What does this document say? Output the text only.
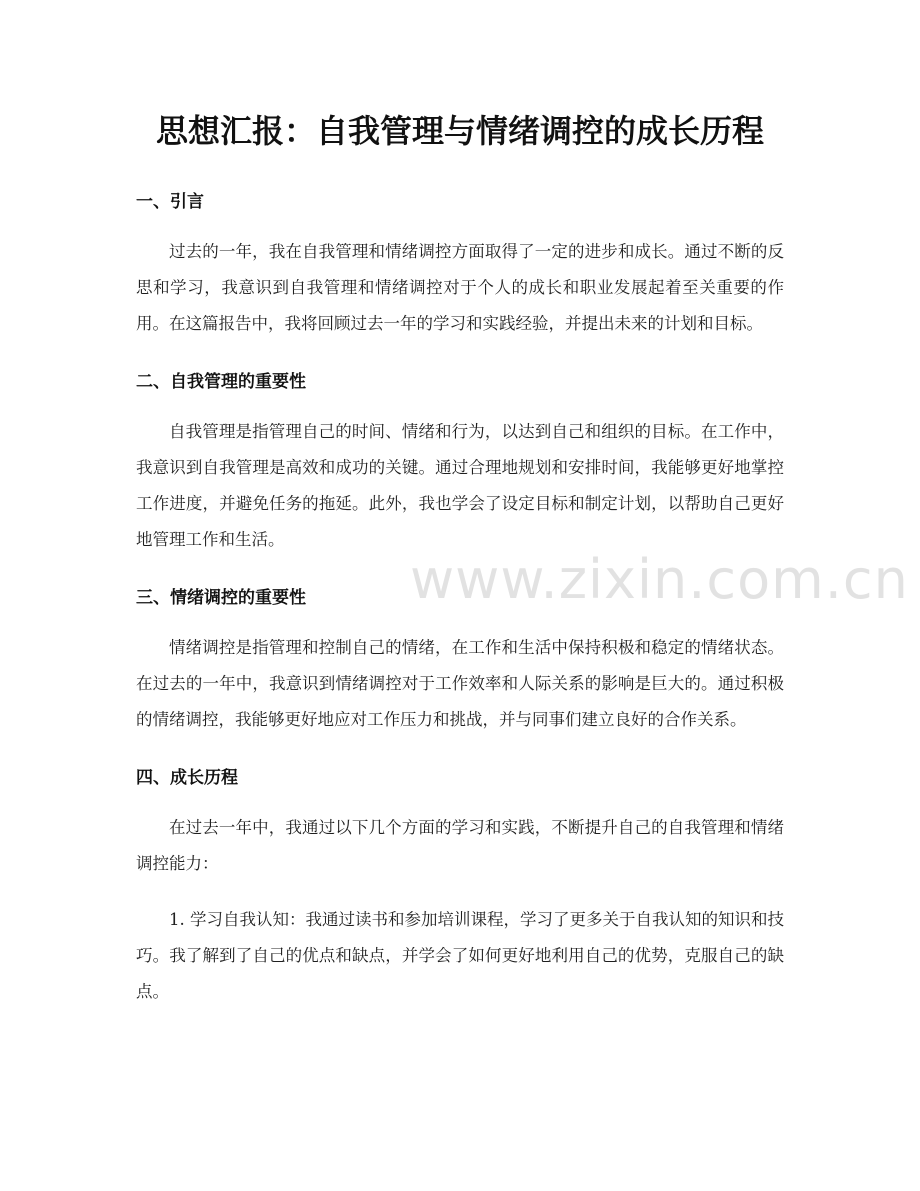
思想汇报：自我管理与情绪调控的成长历程
一、引言

过去的一年，我在自我管理和情绪调控方面取得了一定的进步和成长。通过不断的反思和学习，我意识到自我管理和情绪调控对于个人的成长和职业发展起着至关重要的作用。在这篇报告中，我将回顾过去一年的学习和实践经验，并提出未来的计划和目标。

二、自我管理的重要性

自我管理是指管理自己的时间、情绪和行为，以达到自己和组织的目标。在工作中，我意识到自我管理是高效和成功的关键。通过合理地规划和安排时间，我能够更好地掌控工作进度，并避免任务的拖延。此外，我也学会了设定目标和制定计划，以帮助自己更好地管理工作和生活。

三、情绪调控的重要性

情绪调控是指管理和控制自己的情绪，在工作和生活中保持积极和稳定的情绪状态。在过去的一年中，我意识到情绪调控对于工作效率和人际关系的影响是巨大的。通过积极的情绪调控，我能够更好地应对工作压力和挑战，并与同事们建立良好的合作关系。

四、成长历程

在过去一年中，我通过以下几个方面的学习和实践，不断提升自己的自我管理和情绪调控能力：

1. 学习自我认知：我通过读书和参加培训课程，学习了更多关于自我认知的知识和技巧。我了解到了自己的优点和缺点，并学会了如何更好地利用自己的优势，克服自己的缺点。

www.zixin.com.cn
